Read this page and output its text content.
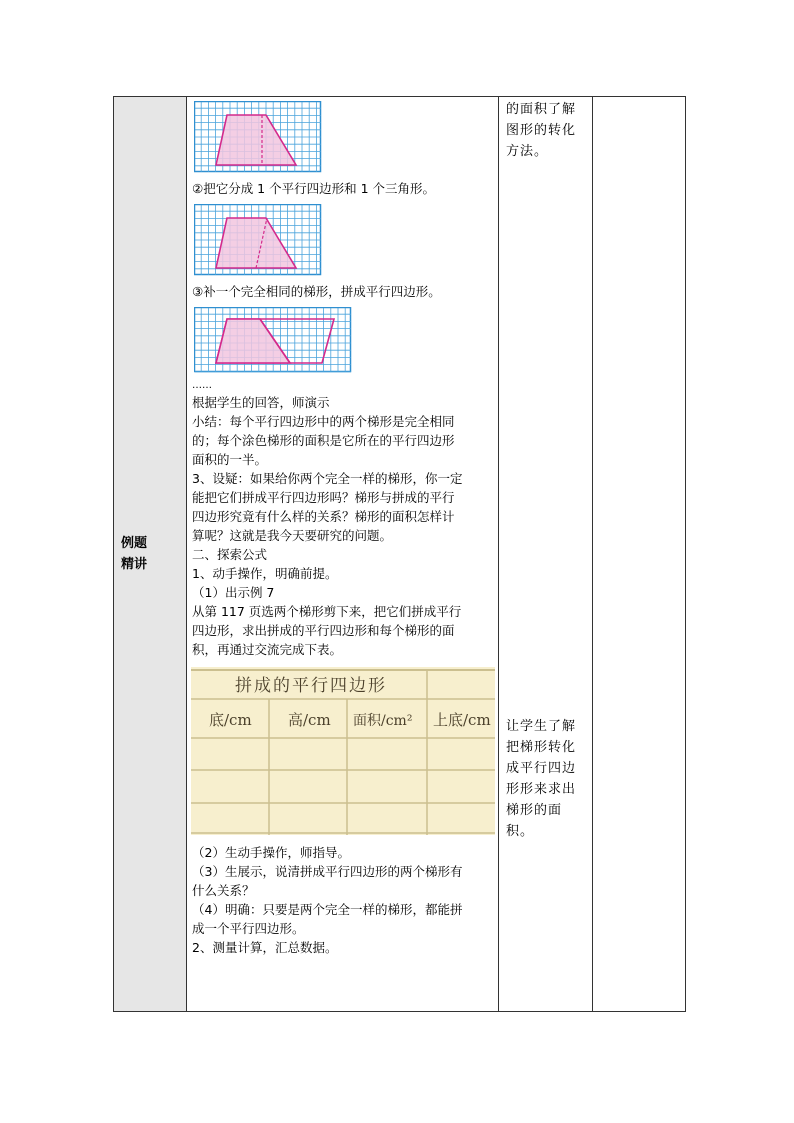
例题
精讲

②把它分成 1 个平行四边形和 1 个三角形。

③补一个完全相同的梯形，拼成平行四边形。

……

根据学生的回答，师演示

小结：每个平行四边形中的两个梯形是完全相同

的；每个涂色梯形的面积是它所在的平行四边形

面积的一半。

3、设疑：如果给你两个完全一样的梯形，你一定

能把它们拼成平行四边形吗？梯形与拼成的平行

四边形究竟有什么样的关系？梯形的面积怎样计

算呢？这就是我今天要研究的问题。

二、探索公式

1、动手操作，明确前提。

（1）出示例 7

从第 117 页选两个梯形剪下来，把它们拼成平行

四边形，求出拼成的平行四边形和每个梯形的面

积，再通过交流完成下表。

拼成的平行四边形
底/cm 高/cm 面积/cm² 上底/cm

（2）生动手操作，师指导。

（3）生展示，说清拼成平行四边形的两个梯形有

什么关系？

（4）明确：只要是两个完全一样的梯形，都能拼

成一个平行四边形。

2、测量计算，汇总数据。

的面积了解
图形的转化
方法。
让学生了解
把梯形转化
成平行四边
形形来求出
梯形的面积。
